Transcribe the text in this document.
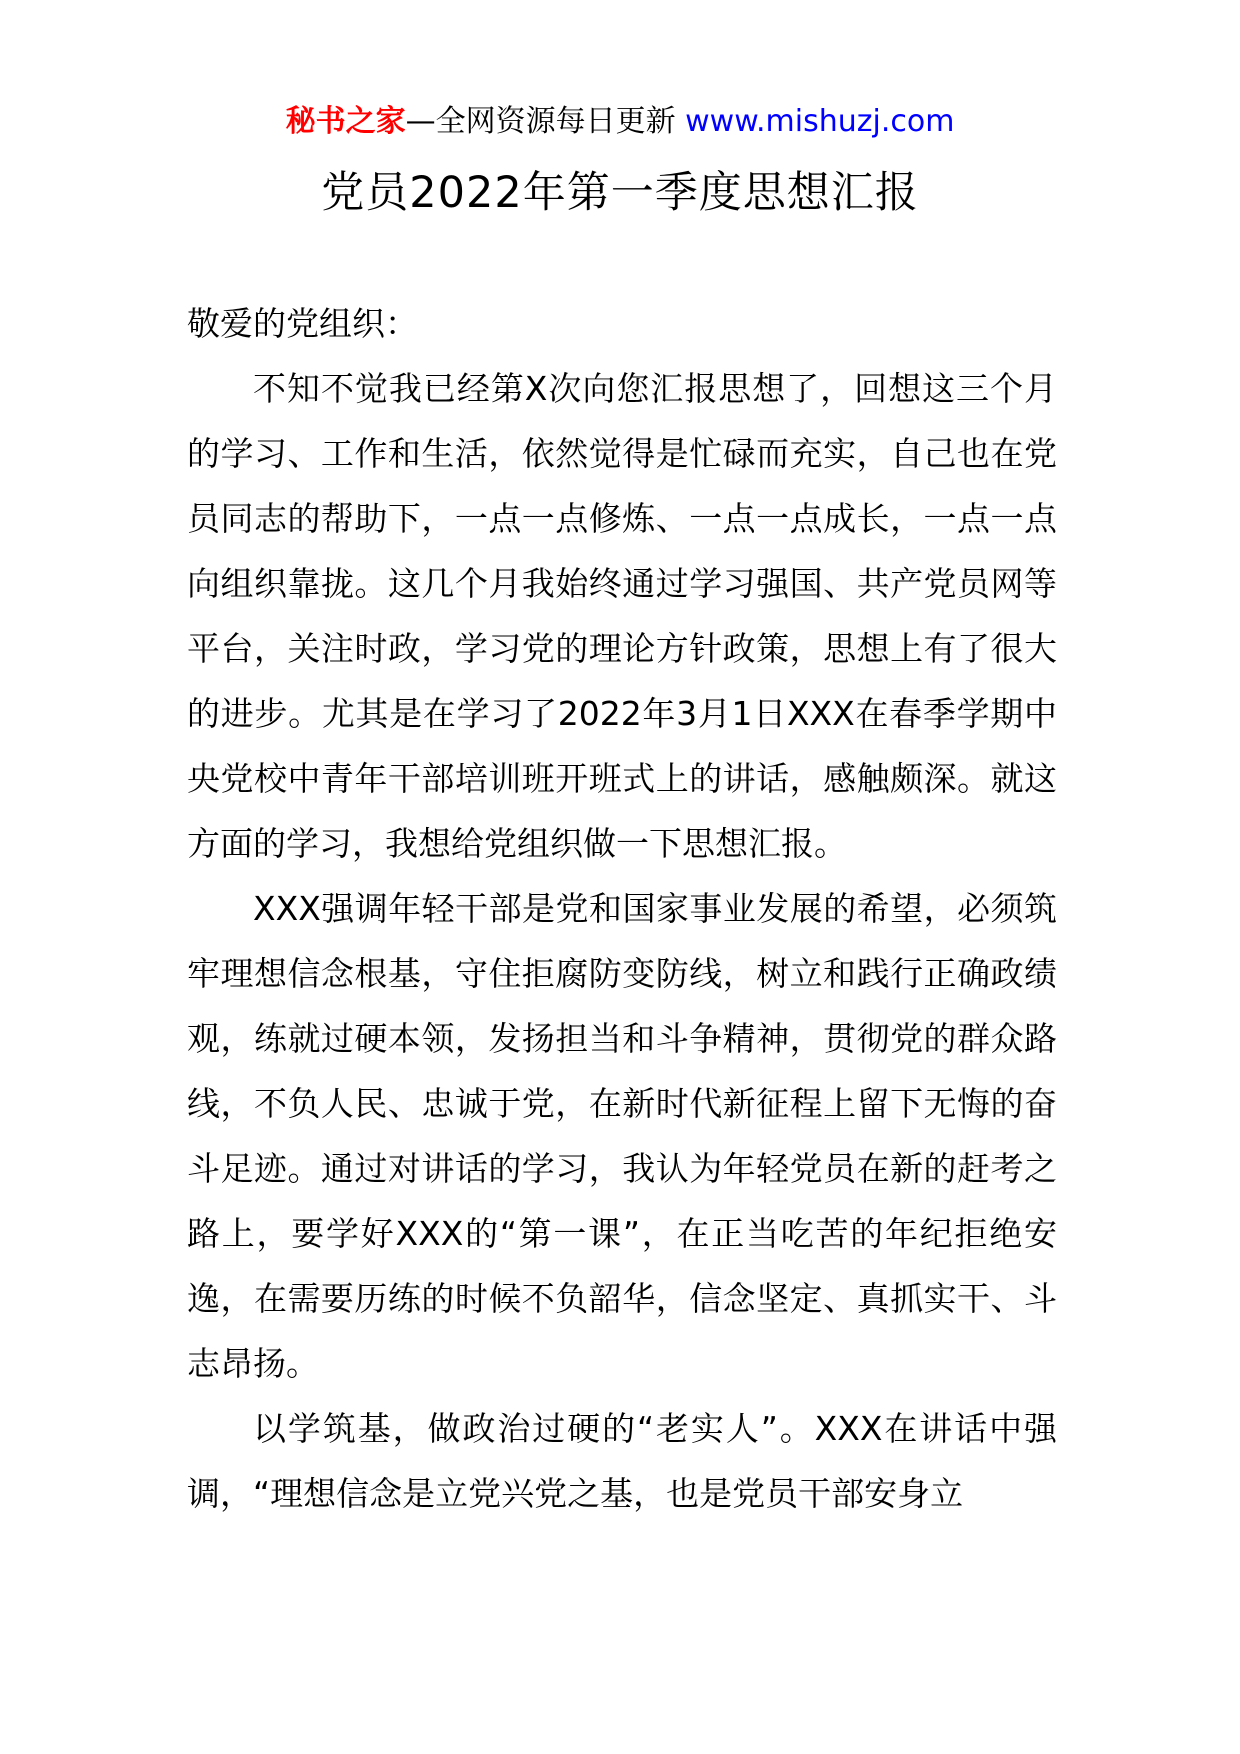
秘书之家—全网资源每日更新 www.mishuzj.com
党员2022年第一季度思想汇报

敬爱的党组织：

不知不觉我已经第X次向您汇报思想了，回想这三个月的学习、工作和生活，依然觉得是忙碌而充实，自己也在党员同志的帮助下，一点一点修炼、一点一点成长，一点一点向组织靠拢。这几个月我始终通过学习强国、共产党员网等平台，关注时政，学习党的理论方针政策，思想上有了很大的进步。尤其是在学习了2022年3月1日XXX在春季学期中央党校中青年干部培训班开班式上的讲话，感触颇深。就这方面的学习，我想给党组织做一下思想汇报。

XXX强调年轻干部是党和国家事业发展的希望，必须筑牢理想信念根基，守住拒腐防变防线，树立和践行正确政绩观，练就过硬本领，发扬担当和斗争精神，贯彻党的群众路线，不负人民、忠诚于党，在新时代新征程上留下无悔的奋斗足迹。通过对讲话的学习，我认为年轻党员在新的赶考之路上，要学好XXX的“第一课”，在正当吃苦的年纪拒绝安逸，在需要历练的时候不负韶华，信念坚定、真抓实干、斗志昂扬。

以学筑基，做政治过硬的“老实人”。XXX在讲话中强调，“理想信念是立党兴党之基，也是党员干部安身立
